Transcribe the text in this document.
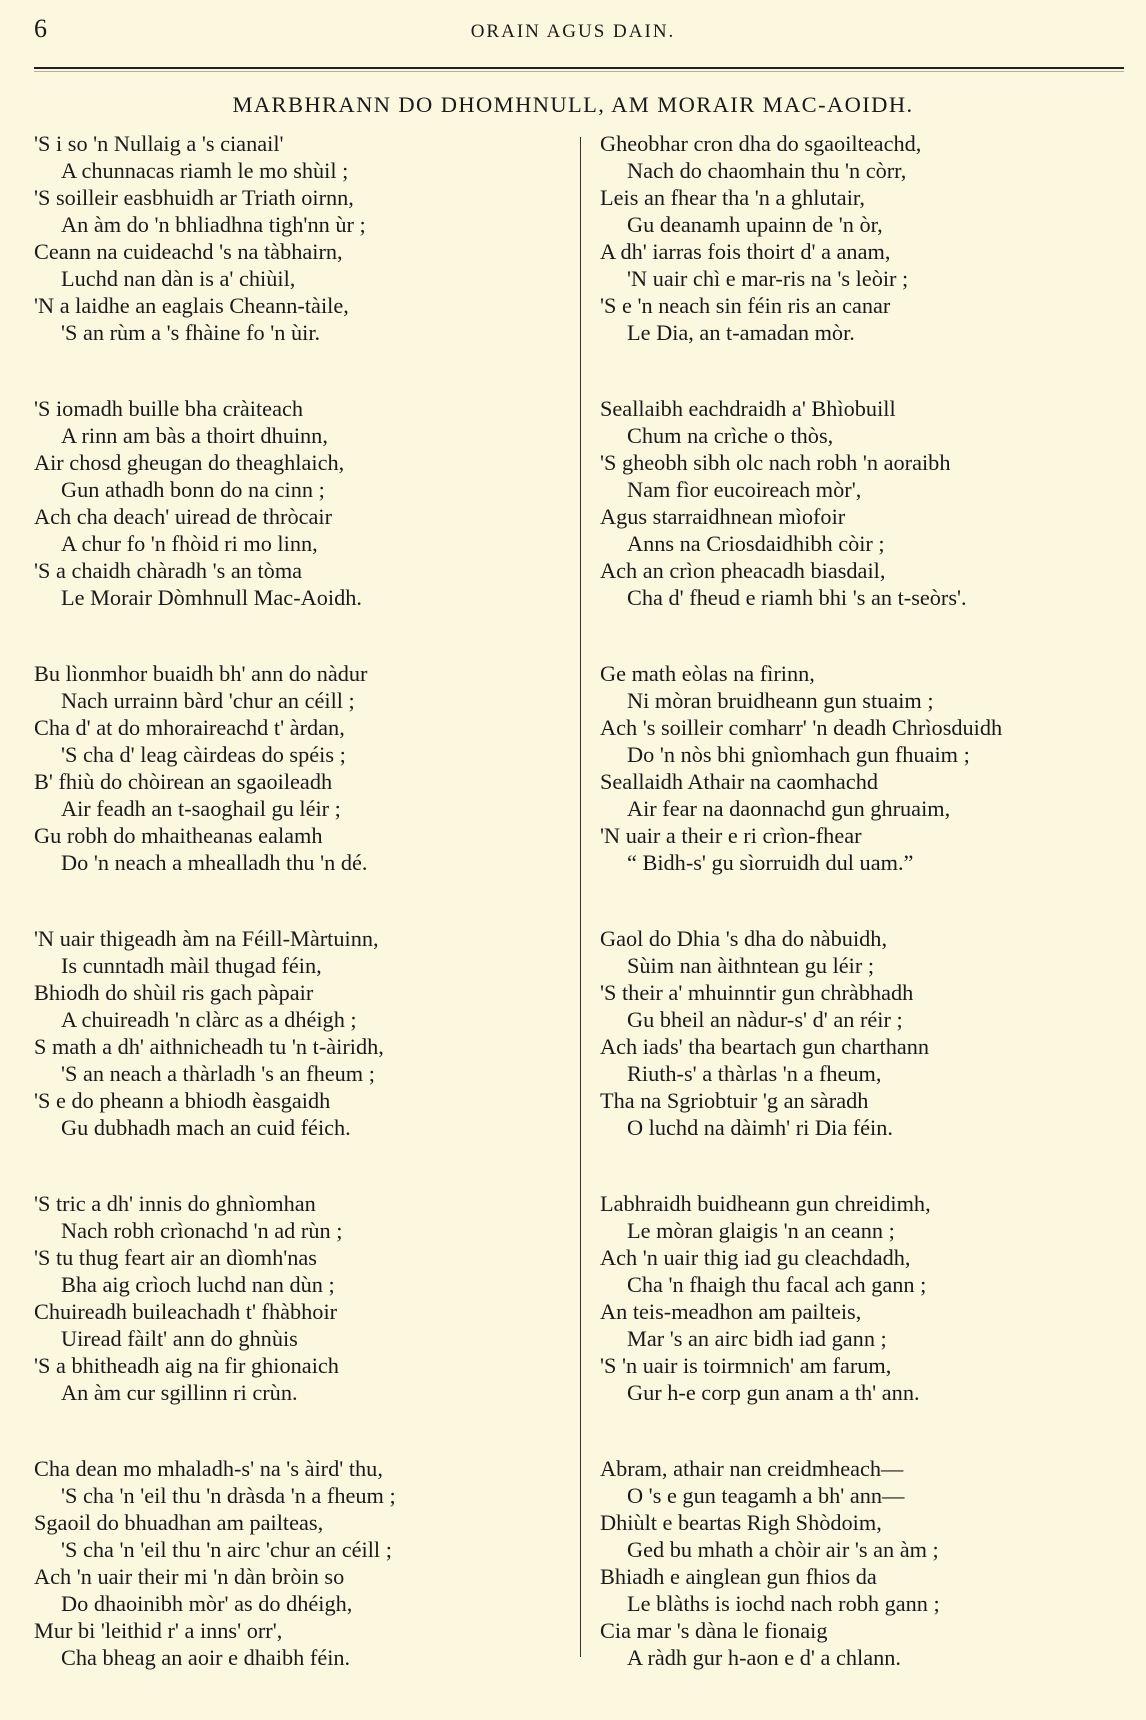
6	ORAIN AGUS DAIN.
MARBHRANN DO DHOMHNULL, AM MORAIR MAC-AOIDH.
'S i so 'n Nullaig a 's cianail'
A chunnacas riamh le mo shùil ;
'S soilleir easbhuidh ar Triath oirnn,
An àm do 'n bhliadhna tigh'nn ùr ;
Ceann na cuideachd 's na tàbhairn,
Luchd nan dàn is a' chiùil,
'N a laidhe an eaglais Cheann-tàile,
'S an rùm a 's fhàine fo 'n ùir.
'S iomadh buille bha cràiteach
A rinn am bàs a thoirt dhuinn,
Air chosd gheugan do theaghlaich,
Gun athadh bonn do na cinn ;
Ach cha deach' uiread de thròcair
A chur fo 'n fhòid ri mo linn,
'S a chaidh chàradh 's an tòma
Le Morair Dòmhnull Mac-Aoidh.
Bu lìonmhor buaidh bh' ann do nàdur
Nach urrainn bàrd 'chur an céill ;
Cha d' at do mhoraireachd t' àrdan,
'S cha d' leag càirdeas do spéis ;
B' fhiù do chòirean an sgaoileadh
Air feadh an t-saoghail gu léir ;
Gu robh do mhaitheanas ealamh
Do 'n neach a mhealladh thu 'n dé.
'N uair thigeadh àm na Féill-Màrtuinn,
Is cunntadh màil thugad féin,
Bhiodh do shùil ris gach pàpair
A chuireadh 'n clàrc as a dhéigh ;
S math a dh' aithnicheadh tu 'n t-àiridh,
'S an neach a thàrladh 's an fheum ;
'S e do pheann a bhiodh èasgaidh
Gu dubhadh mach an cuid féich.
'S tric a dh' innis do ghnìomhan
Nach robh crìonachd 'n ad rùn ;
'S tu thug feart air an dìomh'nas
Bha aig crìoch luchd nan dùn ;
Chuireadh buileachadh t' fhàbhoir
Uiread fàilt' ann do ghnùis
'S a bhitheadh aig na fir ghionaich
An àm cur sgillinn ri crùn.
Cha dean mo mhaladh-s' na 's àird' thu,
'S cha 'n 'eil thu 'n dràsda 'n a fheum ;
Sgaoil do bhuadhan am pailteas,
'S cha 'n 'eil thu 'n airc 'chur an céill ;
Ach 'n uair their mi 'n dàn bròin so
Do dhaoinibh mòr' as do dhéigh,
Mur bi 'leithid r' a inns' orr',
Cha bheag an aoir e dhaibh féin.
Gheobhar cron dha do sgaoilteachd,
Nach do chaomhain thu 'n còrr,
Leis an fhear tha 'n a ghlutair,
Gu deanamh upainn de 'n òr,
A dh' iarras fois thoirt d' a anam,
'N uair chì e mar-ris na 's leòir ;
'S e 'n neach sin féin ris an canar
Le Dia, an t-amadan mòr.
Seallaibh eachdraidh a' Bhìobuill
Chum na crìche o thòs,
'S gheobh sibh olc nach robh 'n aoraibh
Nam fìor eucoireach mòr',
Agus starraidhnean mìofoir
Anns na Criosdaidhibh còir ;
Ach an crìon pheacadh biasdail,
Cha d' fheud e riamh bhi 's an t-seòrs'.
Ge math eòlas na fìrinn,
Ni mòran bruidheann gun stuaim ;
Ach 's soilleir comharr' 'n deadh Chrìosduidh
Do 'n nòs bhi gnìomhach gun fhuaim ;
Seallaidh Athair na caomhachd
Air fear na daonnachd gun ghruaim,
'N uair a their e ri crìon-fhear
“ Bidh-s' gu sìorruidh dul uam.”
Gaol do Dhia 's dha do nàbuidh,
Sùim nan àithntean gu léir ;
'S their a' mhuinntir gun chràbhadh
Gu bheil an nàdur-s' d' an réir ;
Ach iads' tha beartach gun charthann
Riuth-s' a thàrlas 'n a fheum,
Tha na Sgriobtuir 'g an sàradh
O luchd na dàimh' ri Dia féin.
Labhraidh buidheann gun chreidimh,
Le mòran glaigis 'n an ceann ;
Ach 'n uair thig iad gu cleachdadh,
Cha 'n fhaigh thu facal ach gann ;
An teis-meadhon am pailteis,
Mar 's an airc bidh iad gann ;
'S 'n uair is toirmnich' am farum,
Gur h-e corp gun anam a th' ann.
Abram, athair nan creidmheach—
O 's e gun teagamh a bh' ann—
Dhiùlt e beartas Righ Shòdoim,
Ged bu mhath a chòir air 's an àm ;
Bhiadh e ainglean gun fhios da
Le blàths is iochd nach robh gann ;
Cia mar 's dàna le fionaig
A ràdh gur h-aon e d' a chlann.
